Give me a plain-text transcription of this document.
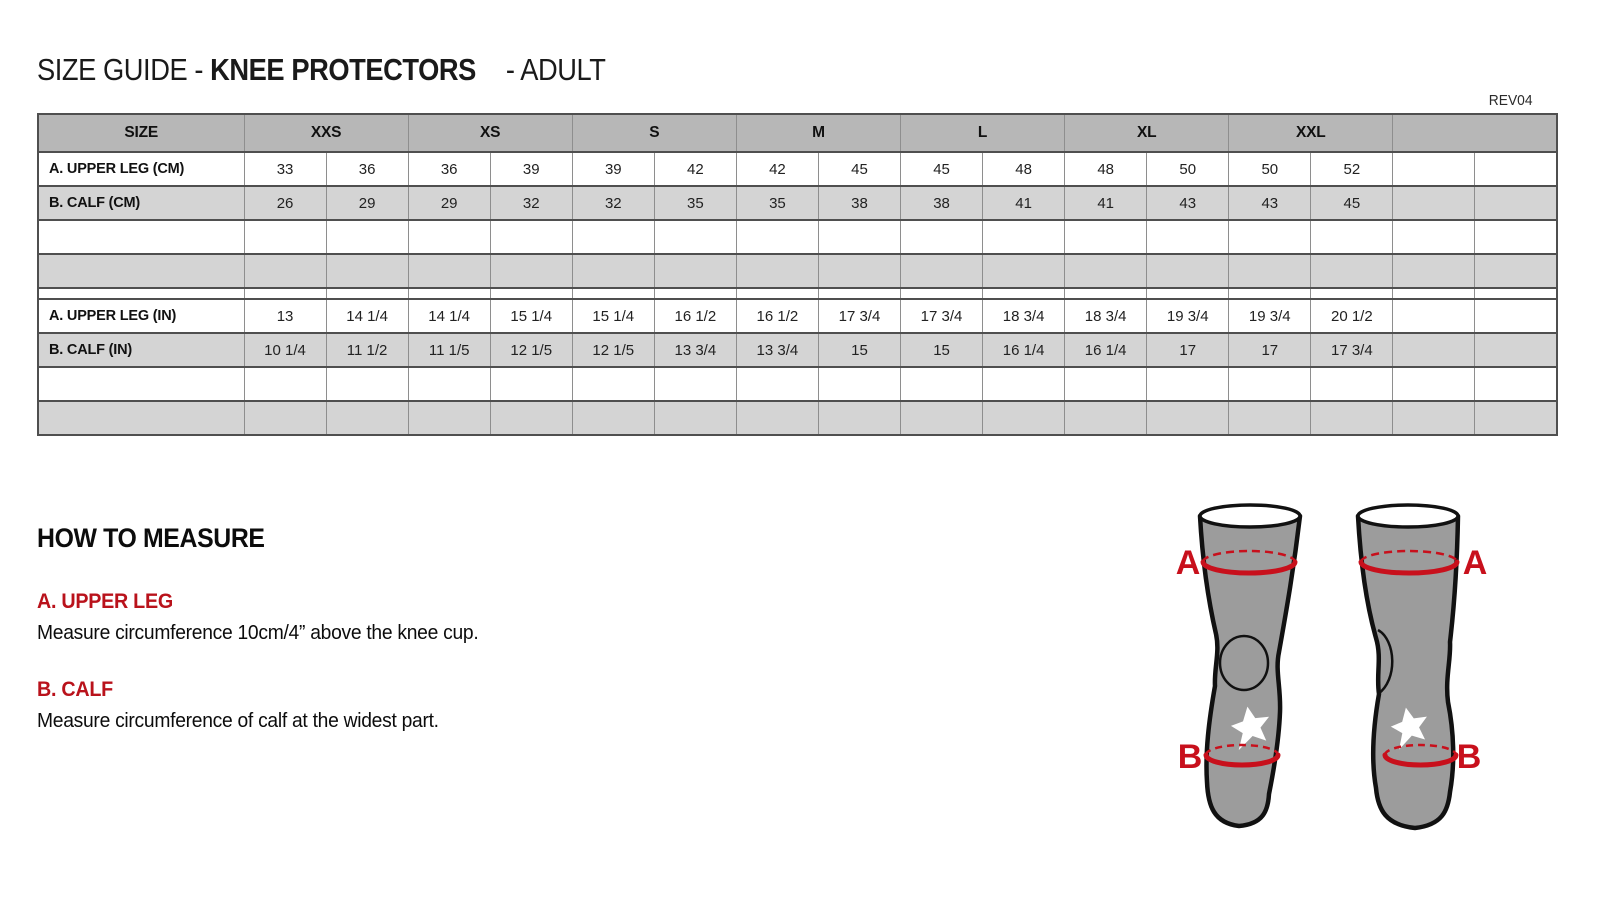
SIZE GUIDE - KNEE PROTECTORS - ADULT
REV04
SIZE	XXS		XS		S		M		L		XL		XXL			
A. UPPER LEG (CM)	33	36	36	39	39	42	42	45	45	48	48	50	50	52		
B. CALF (CM)	26	29	29	32	32	35	35	38	38	41	41	43	43	45		

A. UPPER LEG (IN)	13	14 1/4	14 1/4	15 1/4	15 1/4	16 1/2	16 1/2	17 3/4	17 3/4	18 3/4	18 3/4	19 3/4	19 3/4	20 1/2		
B. CALF (IN)	10 1/4	11 1/2	11 1/5	12 1/5	12 1/5	13 3/4	13 3/4	15	15	16 1/4	16 1/4	17	17	17 3/4		

HOW TO MEASURE
A. UPPER LEG
Measure circumference 10cm/4” above the knee cup.
B. CALF
Measure circumference of calf at the widest part.
A
B
A
B
